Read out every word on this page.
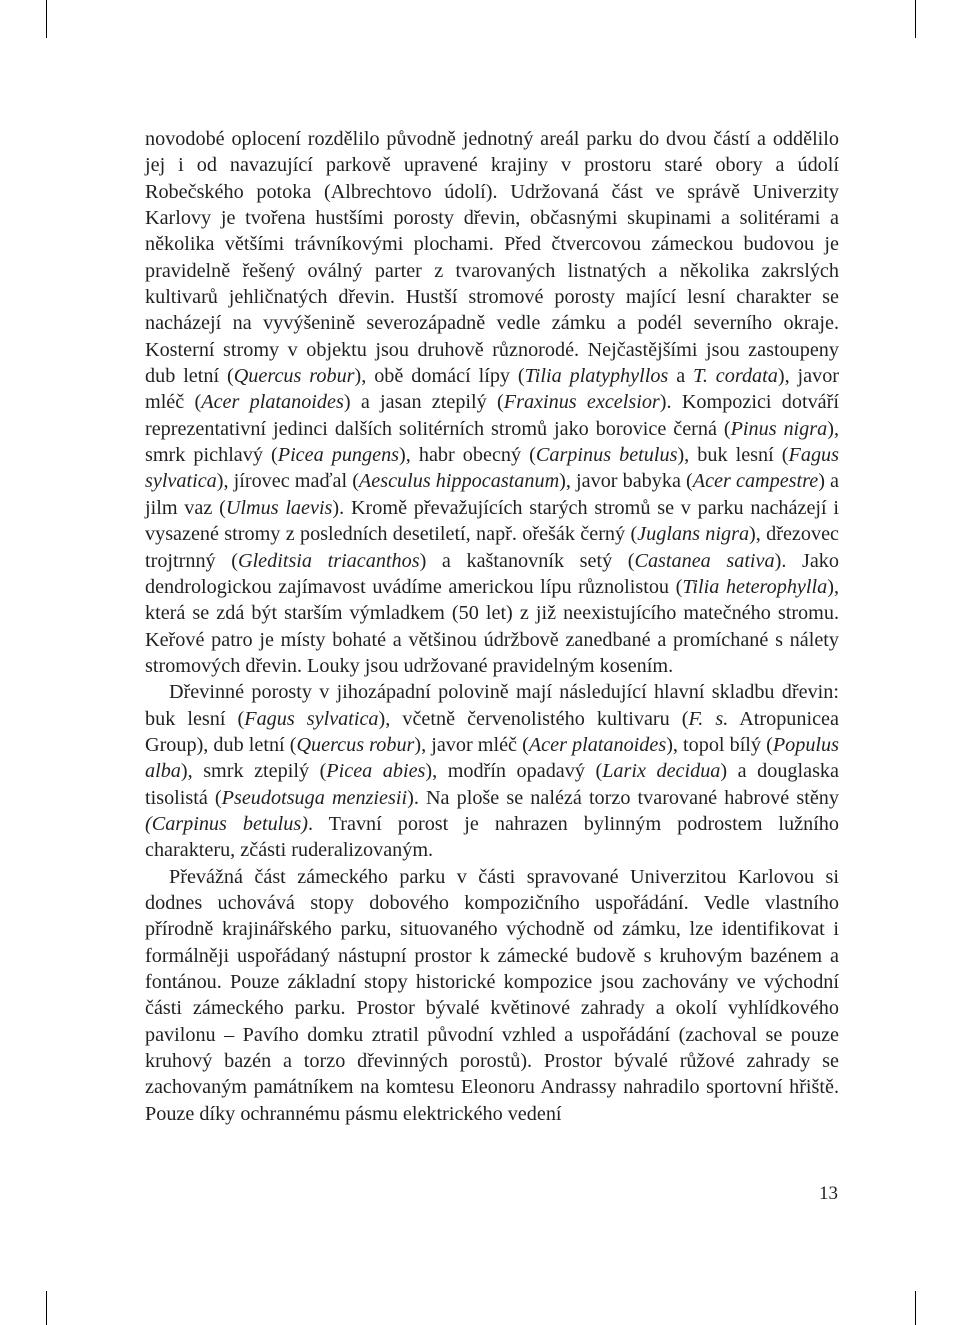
novodobé oplocení rozdělilo původně jednotný areál parku do dvou částí a oddělilo jej i od navazující parkově upravené krajiny v prostoru staré obory a údolí Robečského potoka (Albrechtovo údolí). Udržovaná část ve správě Univerzity Karlovy je tvořena hustšími porosty dřevin, občasnými skupinami a solitérami a několika většími trávníkovými plochami. Před čtvercovou zámeckou budovou je pravidelně řešený oválný parter z tvarovaných listnatých a několika zakrslých kultivarů jehličnatých dřevin. Hustší stromové porosty mající lesní charakter se nacházejí na vyvýšenině severozápadně vedle zámku a podél severního okraje. Kosterní stromy v objektu jsou druhově různorodé. Nejčastějšími jsou zastoupeny dub letní (Quercus robur), obě domácí lípy (Tilia platyphyllos a T. cordata), javor mléč (Acer platanoides) a jasan ztepilý (Fraxinus excelsior). Kompozici dotváří reprezentativní jedinci dalších solitérních stromů jako borovice černá (Pinus nigra), smrk pichlavý (Picea pungens), habr obecný (Carpinus betulus), buk lesní (Fagus sylvatica), jírovec maďal (Aesculus hippocastanum), javor babyka (Acer campestre) a jilm vaz (Ulmus laevis). Kromě převažujících starých stromů se v parku nacházejí i vysazené stromy z posledních desetiletí, např. ořešák černý (Juglans nigra), dřezovec trojtrnný (Gleditsia triacanthos) a kaštanovník setý (Castanea sativa). Jako dendrologickou zajímavost uvádíme americkou lípu různolistou (Tilia heterophylla), která se zdá být starším výmladkem (50 let) z již neexistujícího matečného stromu. Keřové patro je místy bohaté a většinou údržbově zanedbané a promíchané s nálety stromových dřevin. Louky jsou udržované pravidelným kosením.

Dřevinné porosty v jihozápadní polovině mají následující hlavní skladbu dřevin: buk lesní (Fagus sylvatica), včetně červenolistého kultivaru (F. s. Atropunicea Group), dub letní (Quercus robur), javor mléč (Acer platanoides), topol bílý (Populus alba), smrk ztepilý (Picea abies), modřín opadavý (Larix decidua) a douglaska tisolistá (Pseudotsuga menziesii). Na ploše se nalézá torzo tvarované habrové stěny (Carpinus betulus). Travní porost je nahrazen bylinným podrostem lužního charakteru, zčásti ruderalizovaným.

Převážná část zámeckého parku v části spravované Univerzitou Karlovou si dodnes uchovává stopy dobového kompozičního uspořádání. Vedle vlastního přírodně krajinářského parku, situovaného východně od zámku, lze identifikovat i formálněji uspořádaný nástupní prostor k zámecké budově s kruhovým bazénem a fontánou. Pouze základní stopy historické kompozice jsou zachovány ve východní části zámeckého parku. Prostor bývalé květinové zahrady a okolí vyhlídkového pavilonu – Pavího domku ztratil původní vzhled a uspořádání (zachoval se pouze kruhový bazén a torzo dřevinných porostů). Prostor bývalé růžové zahrady se zachovaným památníkem na komtesu Eleonoru Andrassy nahradilo sportovní hřiště. Pouze díky ochrannému pásmu elektrického vedení

13
